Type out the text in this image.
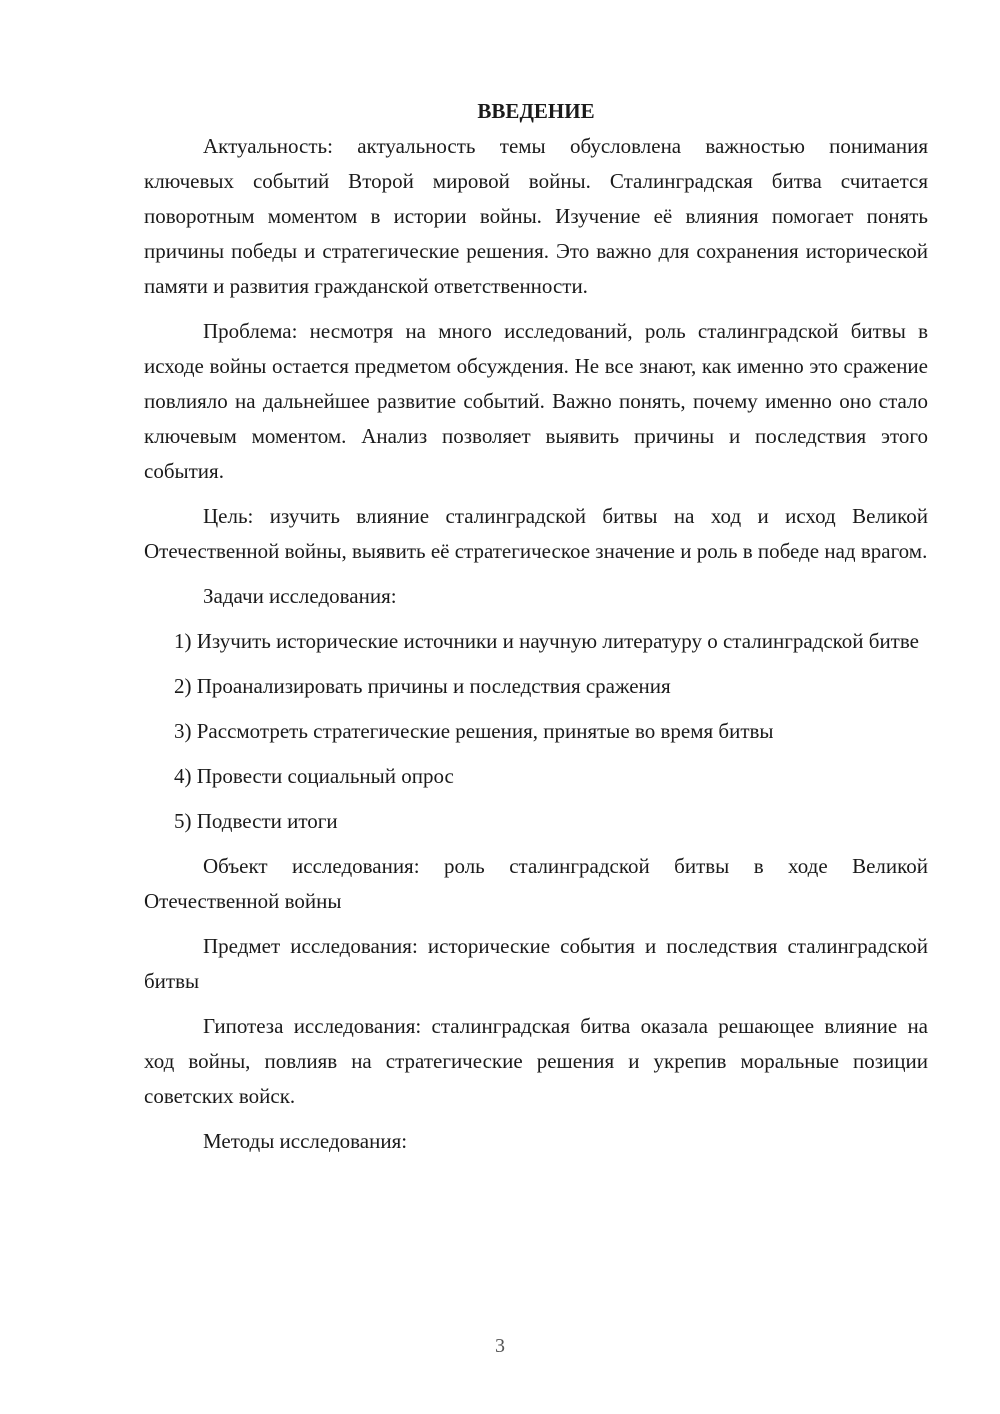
ВВЕДЕНИЕ

Актуальность: актуальность темы обусловлена важностью понимания ключевых событий Второй мировой войны. Сталинградская битва считается поворотным моментом в истории войны. Изучение её влияния помогает понять причины победы и стратегические решения. Это важно для сохранения исторической памяти и развития гражданской ответственности.

Проблема: несмотря на много исследований, роль сталинградской битвы в исходе войны остается предметом обсуждения. Не все знают, как именно это сражение повлияло на дальнейшее развитие событий. Важно понять, почему именно оно стало ключевым моментом. Анализ позволяет выявить причины и последствия этого события.

Цель: изучить влияние сталинградской битвы на ход и исход Великой Отечественной войны, выявить её стратегическое значение и роль в победе над врагом.

Задачи исследования:

1) Изучить исторические источники и научную литературу о сталинградской битве

2) Проанализировать причины и последствия сражения

3) Рассмотреть стратегические решения, принятые во время битвы

4) Провести социальный опрос

5) Подвести итоги

Объект исследования: роль сталинградской битвы в ходе Великой Отечественной войны

Предмет исследования: исторические события и последствия сталинградской битвы

Гипотеза исследования: сталинградская битва оказала решающее влияние на ход войны, повлияв на стратегические решения и укрепив моральные позиции советских войск.

Методы исследования:

3
